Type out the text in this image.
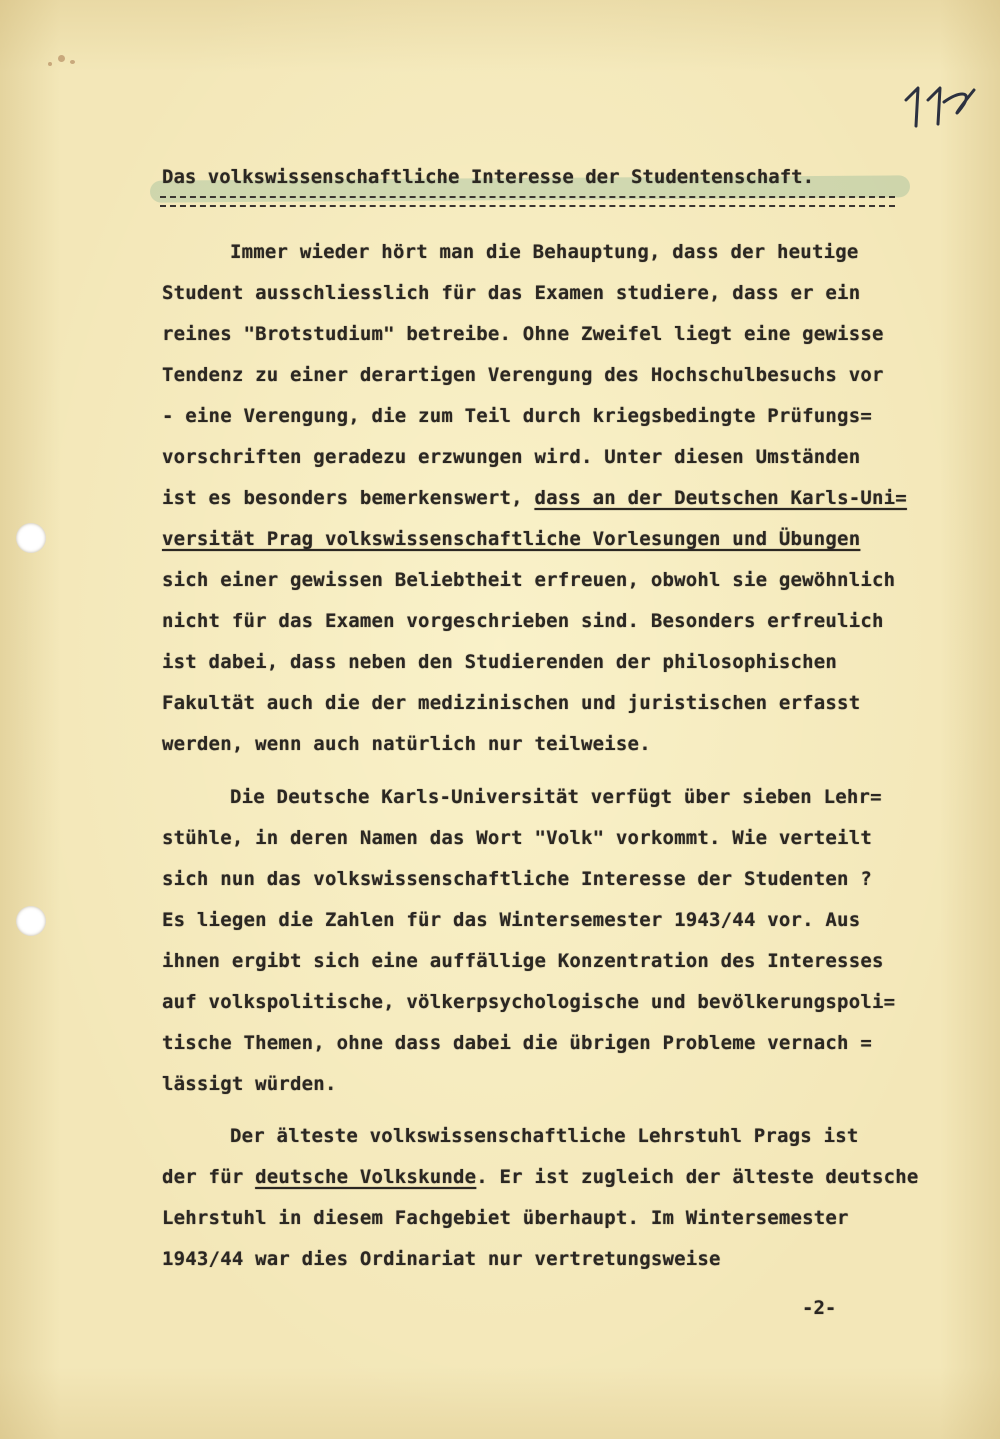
Das volkswissenschaftliche Interesse der Studentenschaft.

Immer wieder hört man die Behauptung, dass der heutige

Student ausschliesslich für das Examen studiere, dass er ein

reines "Brotstudium" betreibe. Ohne Zweifel liegt eine gewisse

Tendenz zu einer derartigen Verengung des Hochschulbesuchs vor

- eine Verengung, die zum Teil durch kriegsbedingte Prüfungs=

vorschriften geradezu erzwungen wird. Unter diesen Umständen

ist es besonders bemerkenswert, dass an der Deutschen Karls-Uni=

versität Prag volkswissenschaftliche Vorlesungen und Übungen

sich einer gewissen Beliebtheit erfreuen, obwohl sie gewöhnlich

nicht für das Examen vorgeschrieben sind. Besonders erfreulich

ist dabei, dass neben den Studierenden der philosophischen

Fakultät auch die der medizinischen und juristischen erfasst

werden, wenn auch natürlich nur teilweise.

Die Deutsche Karls-Universität verfügt über sieben Lehr=

stühle, in deren Namen das Wort "Volk" vorkommt. Wie verteilt

sich nun das volkswissenschaftliche Interesse der Studenten ?

Es liegen die Zahlen für das Wintersemester 1943/44 vor. Aus

ihnen ergibt sich eine auffällige Konzentration des Interesses

auf volkspolitische, völkerpsychologische und bevölkerungspoli=

tische Themen, ohne dass dabei die übrigen Probleme vernach =

lässigt würden.

Der älteste volkswissenschaftliche Lehrstuhl Prags ist

der für deutsche Volkskunde. Er ist zugleich der älteste deutsche

Lehrstuhl in diesem Fachgebiet überhaupt. Im Wintersemester

1943/44 war dies Ordinariat nur vertretungsweise

-2-
